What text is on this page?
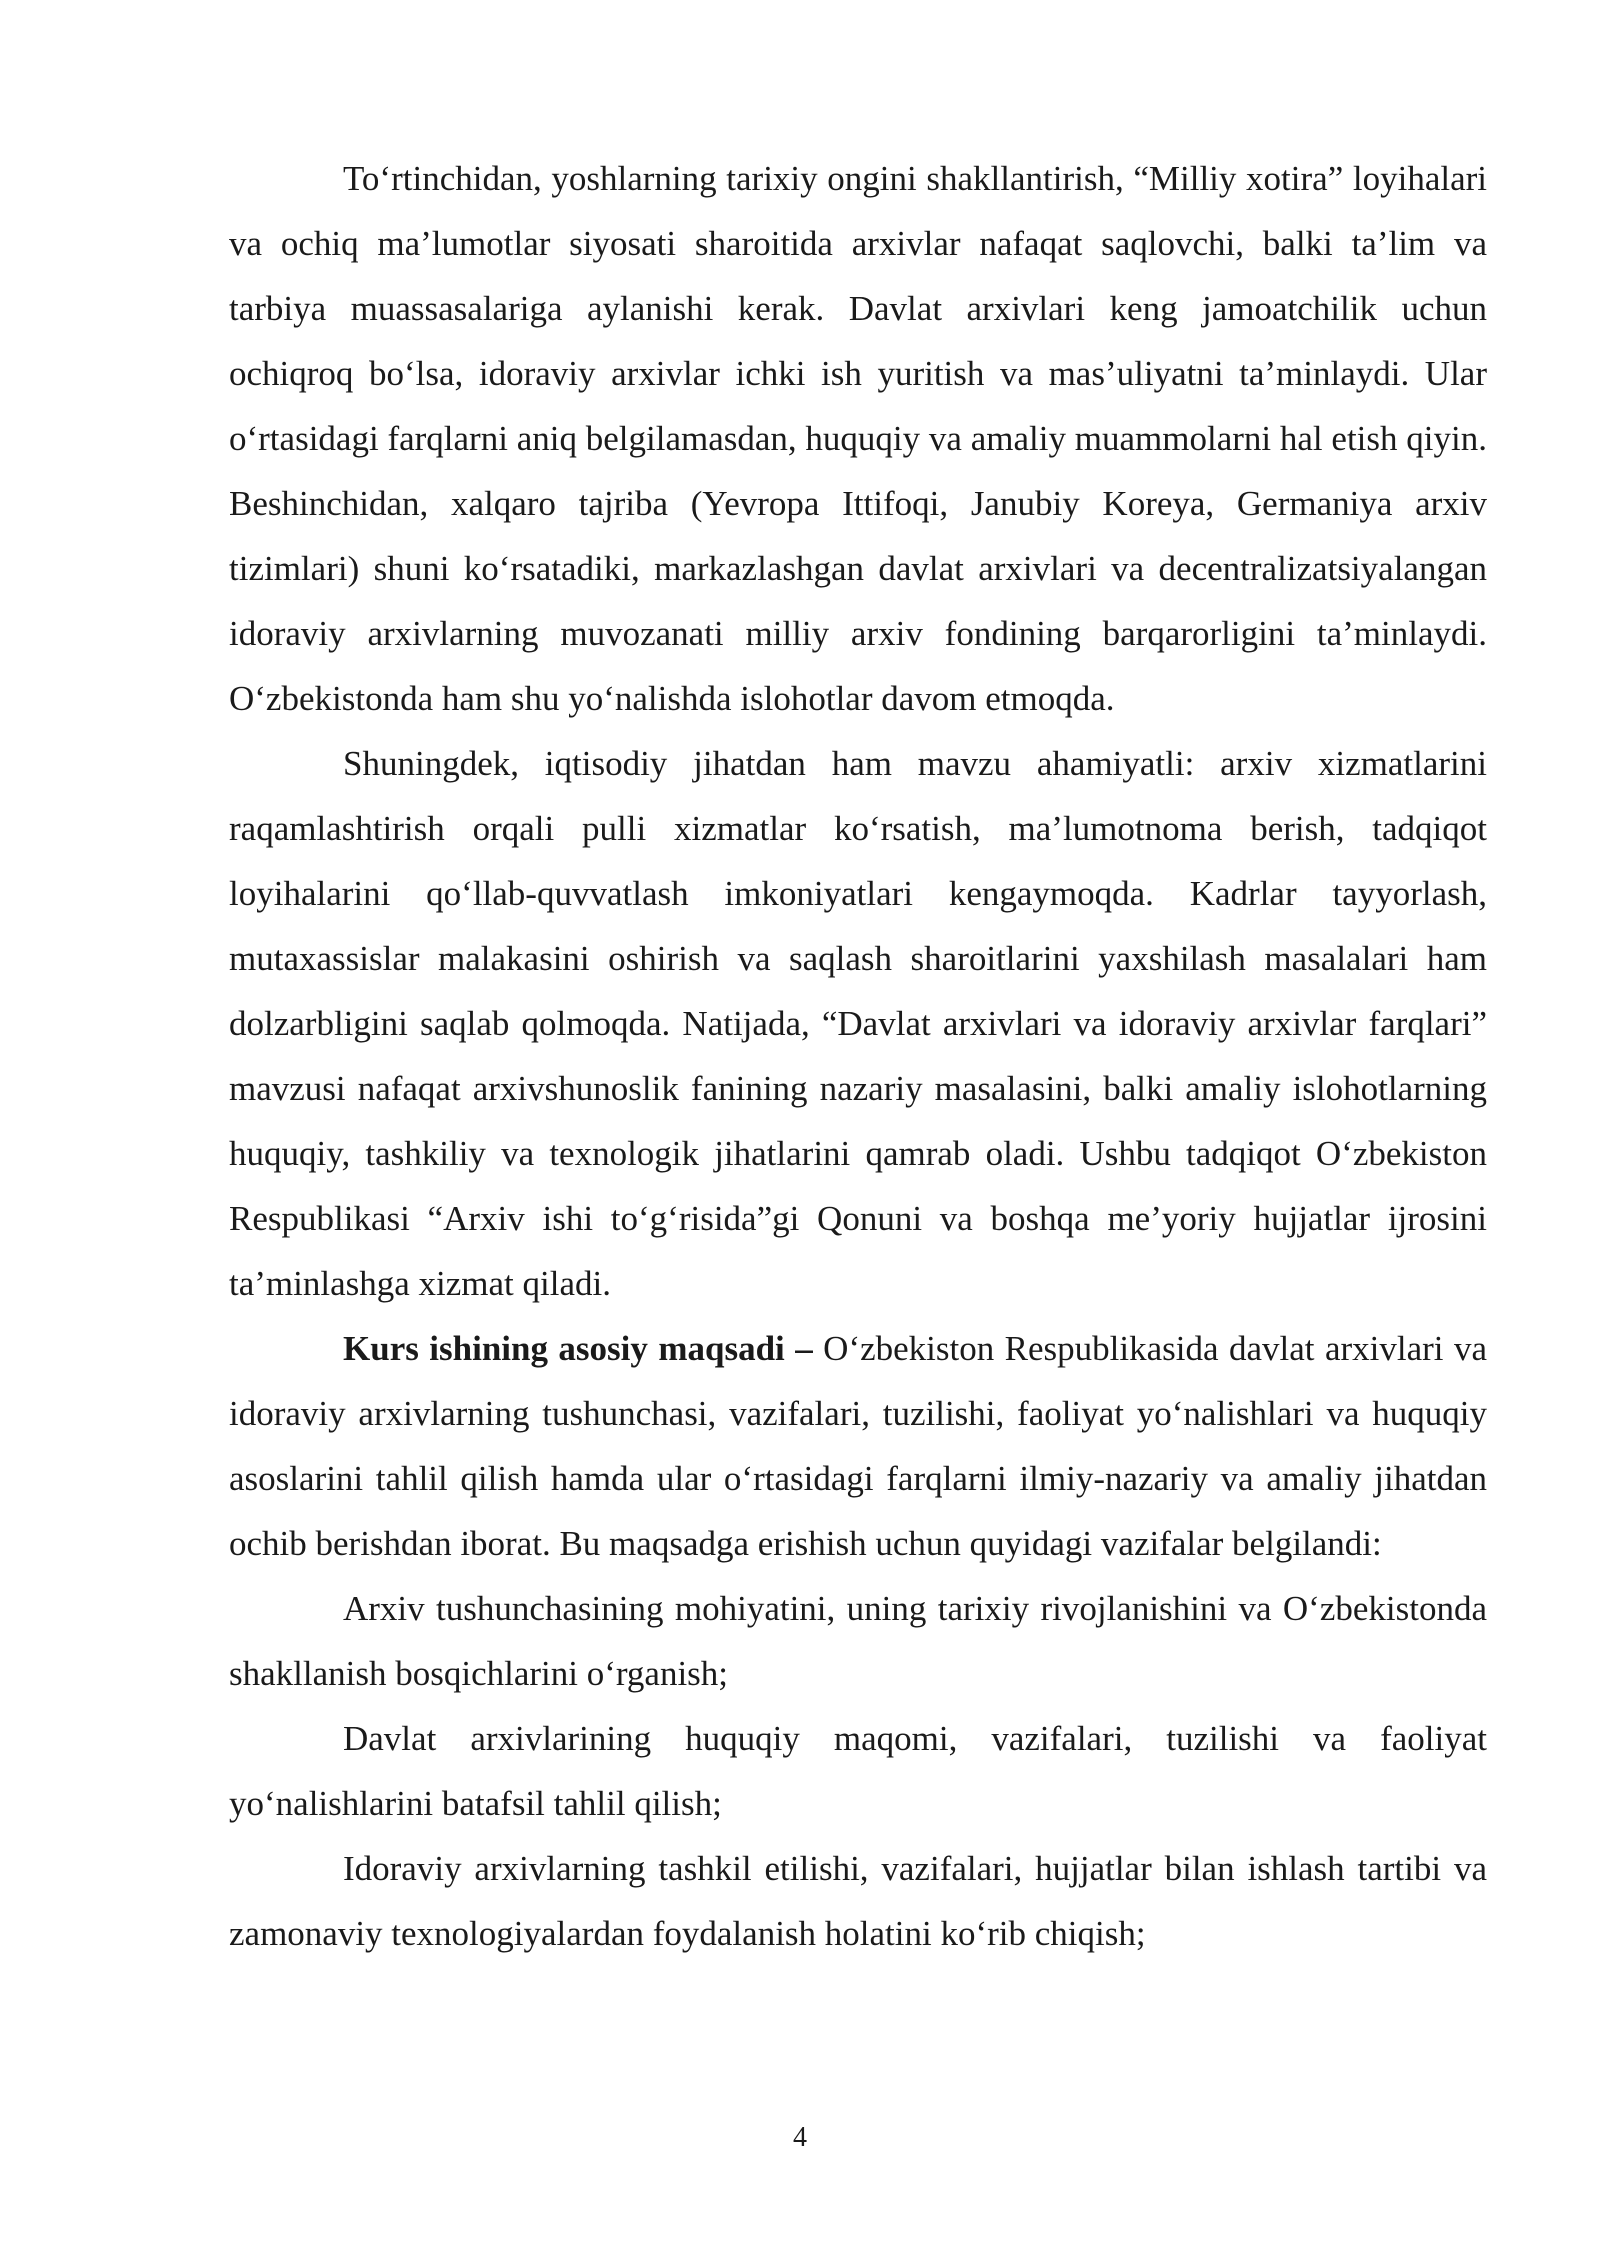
To‘rtinchidan, yoshlarning tarixiy ongini shakllantirish, “Milliy xotira” loyihalari va ochiq ma’lumotlar siyosati sharoitida arxivlar nafaqat saqlovchi, balki ta’lim va tarbiya muassasalariga aylanishi kerak. Davlat arxivlari keng jamoatchilik uchun ochiqroq bo‘lsa, idoraviy arxivlar ichki ish yuritish va mas’uliyatni ta’minlaydi. Ular o‘rtasidagi farqlarni aniq belgilamasdan, huquqiy va amaliy muammolarni hal etish qiyin. Beshinchidan, xalqaro tajriba (Yevropa Ittifoqi, Janubiy Koreya, Germaniya arxiv tizimlari) shuni ko‘rsatadiki, markazlashgan davlat arxivlari va decentralizatsiyalangan idoraviy arxivlarning muvozanati milliy arxiv fondining barqarorligini ta’minlaydi. O‘zbekistonda ham shu yo‘nalishda islohotlar davom etmoqda.

Shuningdek, iqtisodiy jihatdan ham mavzu ahamiyatli: arxiv xizmatlarini raqamlashtirish orqali pulli xizmatlar ko‘rsatish, ma’lumotnoma berish, tadqiqot loyihalarini qo‘llab-quvvatlash imkoniyatlari kengaymoqda. Kadrlar tayyorlash, mutaxassislar malakasini oshirish va saqlash sharoitlarini yaxshilash masalalari ham dolzarbligini saqlab qolmoqda. Natijada, “Davlat arxivlari va idoraviy arxivlar farqlari” mavzusi nafaqat arxivshunoslik fanining nazariy masalasini, balki amaliy islohotlarning huquqiy, tashkiliy va texnologik jihatlarini qamrab oladi. Ushbu tadqiqot O‘zbekiston Respublikasi “Arxiv ishi to‘g‘risida”gi Qonuni va boshqa me’yoriy hujjatlar ijrosini ta’minlashga xizmat qiladi.

Kurs ishining asosiy maqsadi – O‘zbekiston Respublikasida davlat arxivlari va idoraviy arxivlarning tushunchasi, vazifalari, tuzilishi, faoliyat yo‘nalishlari va huquqiy asoslarini tahlil qilish hamda ular o‘rtasidagi farqlarni ilmiy-nazariy va amaliy jihatdan ochib berishdan iborat. Bu maqsadga erishish uchun quyidagi vazifalar belgilandi:

Arxiv tushunchasining mohiyatini, uning tarixiy rivojlanishini va O‘zbekistonda shakllanish bosqichlarini o‘rganish;

Davlat arxivlarining huquqiy maqomi, vazifalari, tuzilishi va faoliyat yo‘nalishlarini batafsil tahlil qilish;

Idoraviy arxivlarning tashkil etilishi, vazifalari, hujjatlar bilan ishlash tartibi va zamonaviy texnologiyalardan foydalanish holatini ko‘rib chiqish;

4
